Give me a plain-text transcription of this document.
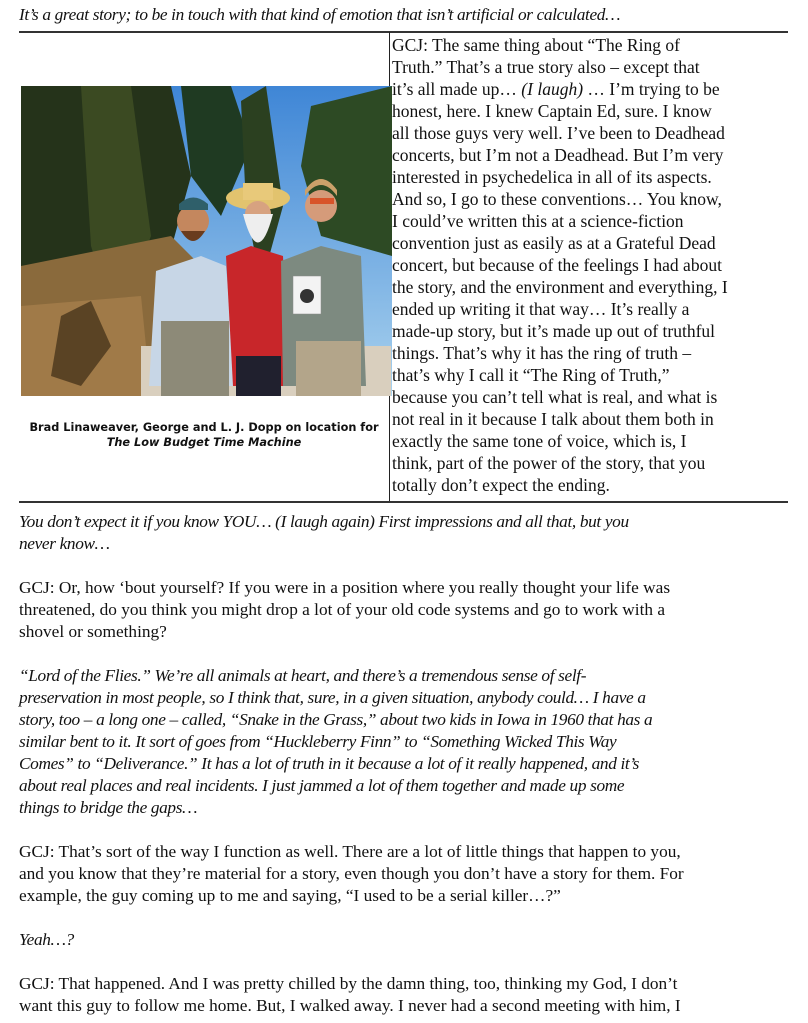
It’s a great story; to be in touch with that kind of emotion that isn’t artificial or calculated…
Brad Linaweaver, George and L. J. Dopp on location for
The Low Budget Time Machine
GCJ: The same thing about “The Ring of
Truth.” That’s a true story also – except that
it’s all made up… (I laugh) … I’m trying to be
honest, here. I knew Captain Ed, sure. I know
all those guys very well. I’ve been to Deadhead
concerts, but I’m not a Deadhead. But I’m very
interested in psychedelica in all of its aspects.
And so, I go to these conventions… You know,
I could’ve written this at a science-fiction
convention just as easily as at a Grateful Dead
concert, but because of the feelings I had about
the story, and the environment and everything, I
ended up writing it that way… It’s really a
made-up story, but it’s made up out of truthful
things. That’s why it has the ring of truth –
that’s why I call it “The Ring of Truth,”
because you can’t tell what is real, and what is
not real in it because I talk about them both in
exactly the same tone of voice, which is, I
think, part of the power of the story, that you
totally don’t expect the ending.
You don’t expect it if you know YOU… (I laugh again) First impressions and all that, but you
never know…
GCJ: Or, how ‘bout yourself? If you were in a position where you really thought your life was
threatened, do you think you might drop a lot of your old code systems and go to work with a
shovel or something?
“Lord of the Flies.” We’re all animals at heart, and there’s a tremendous sense of self-
preservation in most people, so I think that, sure, in a given situation, anybody could… I have a
story, too – a long one – called, “Snake in the Grass,” about two kids in Iowa in 1960 that has a
similar bent to it. It sort of goes from “Huckleberry Finn” to “Something Wicked This Way
Comes” to “Deliverance.” It has a lot of truth in it because a lot of it really happened, and it’s
about real places and real incidents. I just jammed a lot of them together and made up some
things to bridge the gaps…
GCJ: That’s sort of the way I function as well. There are a lot of little things that happen to you,
and you know that they’re material for a story, even though you don’t have a story for them. For
example, the guy coming up to me and saying, “I used to be a serial killer…?”
Yeah…?
GCJ: That happened. And I was pretty chilled by the damn thing, too, thinking my God, I don’t
want this guy to follow me home. But, I walked away. I never had a second meeting with him, I
